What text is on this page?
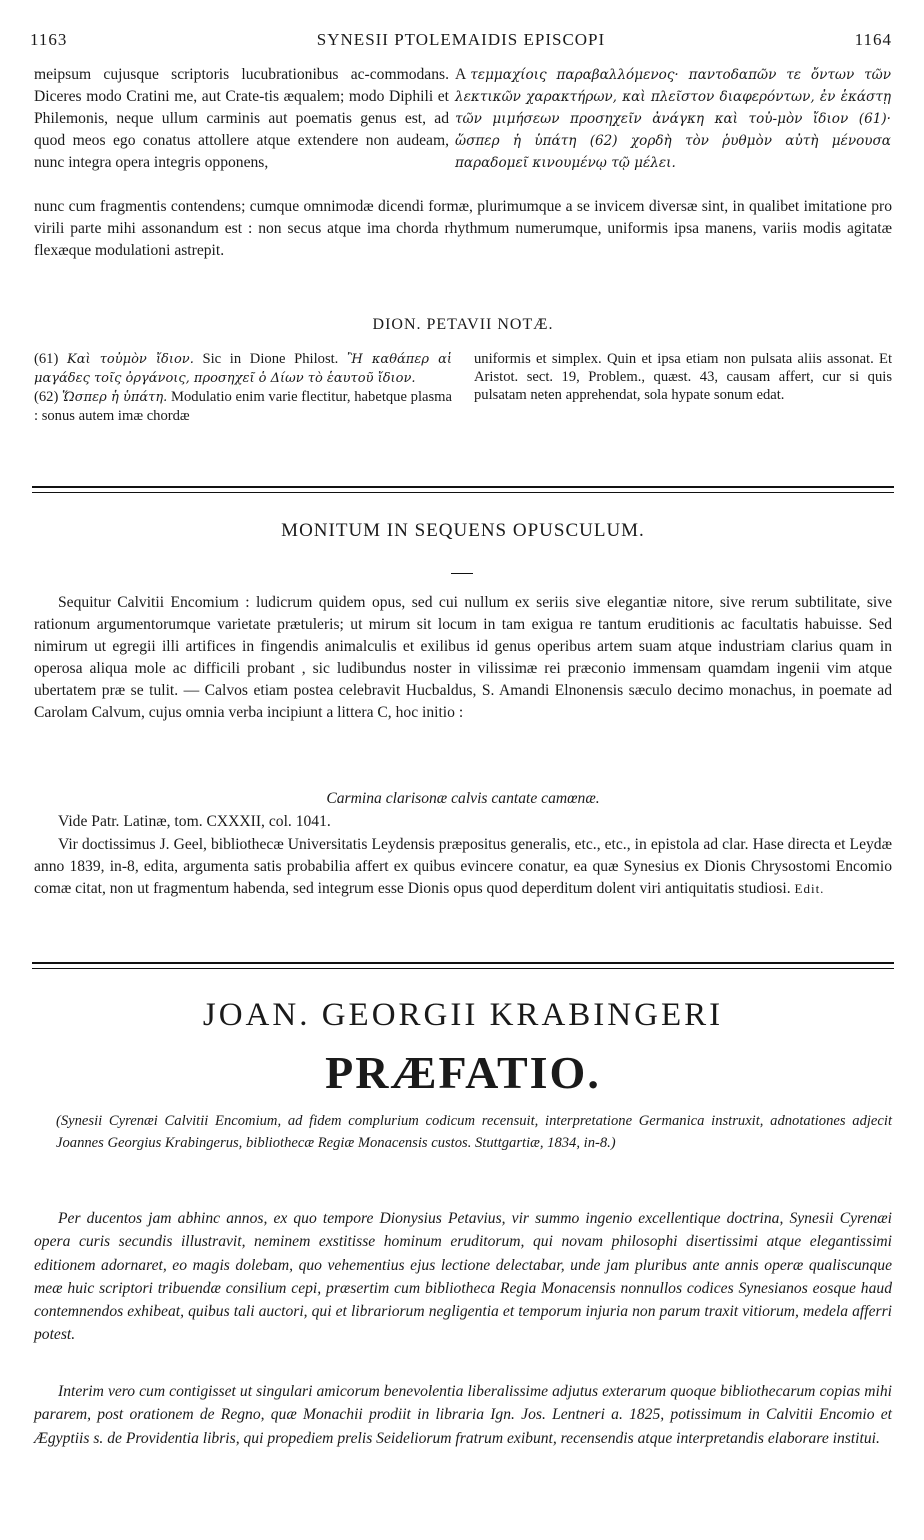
1163	SYNESII PTOLEMAIDIS EPISCOPI	1164

meipsum cujusque scriptoris lucubrationibus ac-commodans. Diceres modo Cratini me, aut Crate-tis æqualem; modo Diphili et Philemonis, neque ullum carminis aut poematis genus est, ad quod meos ego conatus attollere atque extendere non audeam, nunc integra opera integris opponens,

A τεμμαχίοις παραβαλλόμενος· παντοδαπῶν τε ὄντων τῶν λεκτικῶν χαρακτήρων, καὶ πλεῖστον διαφερόντων, ἐν ἑκάστῃ τῶν μιμήσεων προσηχεῖν ἀνάγκη καὶ τοὐ-μὸν ἴδιον (61)· ὥσπερ ἡ ὑπάτη (62) χορδὴ τὸν ῥυθμὸν αὐτὴ μένουσα παραδομεῖ κινουμένῳ τῷ μέλει.

nunc cum fragmentis contendens; cumque omnimodæ dicendi formæ, plurimumque a se invicem diversæ sint, in qualibet imitatione pro virili parte mihi assonandum est : non secus atque ima chorda rhythmum numerumque, uniformis ipsa manens, variis modis agitatæ flexæque modulationi astrepit.

DION. PETAVII NOTÆ.
(61) Καὶ τοὐμὸν ἴδιον. Sic in Dione Philost. Ἢ καθάπερ αἱ μαγάδες τοῖς ὀργάνοις, προσηχεῖ ὁ Δίων τὸ ἑαυτοῦ ἴδιον.
(62) Ὥσπερ ἡ ὑπάτη. Modulatio enim varie flectitur, habetque plasma : sonus autem imæ chordæ

uniformis et simplex. Quin et ipsa etiam non pulsata aliis assonat. Et Aristot. sect. 19, Problem., quæst. 43, causam affert, cur si quis pulsatam neten apprehendat, sola hypate sonum edat.

MONITUM IN SEQUENS OPUSCULUM.

Sequitur Calvitii Encomium : ludicrum quidem opus, sed cui nullum ex seriis sive elegantiæ nitore, sive rerum subtilitate, sive rationum argumentorumque varietate prætuleris; ut mirum sit locum in tam exigua re tantum eruditionis ac facultatis habuisse. Sed nimirum ut egregii illi artifices in fingendis animalculis et exilibus id genus operibus artem suam atque industriam clarius quam in operosa aliqua mole ac difficili probant , sic ludibundus noster in vilissimæ rei præconio immensam quamdam ingenii vim atque ubertatem præ se tulit. — Calvos etiam postea celebravit Hucbaldus, S. Amandi Elnonensis sæculo decimo monachus, in poemate ad Carolam Calvum, cujus omnia verba incipiunt a littera C, hoc initio :

Carmina clarisonæ calvis cantate camœnæ.

Vide Patr. Latinæ, tom. CXXXII, col. 1041.

Vir doctissimus J. Geel, bibliothecæ Universitatis Leydensis præpositus generalis, etc., etc., in epistola ad clar. Hase directa et Leydæ anno 1839, in-8, edita, argumenta satis probabilia affert ex quibus evincere conatur, ea quæ Synesius ex Dionis Chrysostomi Encomio comæ citat, non ut fragmentum habenda, sed integrum esse Dionis opus quod deperditum dolent viri antiquitatis studiosi. Edit.

JOAN. GEORGII KRABINGERI
PRÆFATIO.

(Synesii Cyrenæi Calvitii Encomium, ad fidem complurium codicum recensuit, interpretatione Germanica instruxit, adnotationes adjecit Joannes Georgius Krabingerus, bibliothecæ Regiæ Monacensis custos. Stuttgartiæ, 1834, in-8.)

Per ducentos jam abhinc annos, ex quo tempore Dionysius Petavius, vir summo ingenio excellentique doctrina, Synesii Cyrenæi opera curis secundis illustravit, neminem exstitisse hominum eruditorum, qui novam philosophi disertissimi atque elegantissimi editionem adornaret, eo magis dolebam, quo vehementius ejus lectione delectabar, unde jam pluribus ante annis operæ qualiscunque meæ huic scriptori tribuendæ consilium cepi, præsertim cum bibliotheca Regia Monacensis nonnullos codices Synesianos eosque haud contemnendos exhibeat, quibus tali auctori, qui et librariorum negligentia et temporum injuria non parum traxit vitiorum, medela afferri potest.

Interim vero cum contigisset ut singulari amicorum benevolentia liberalissime adjutus exterarum quoque bibliothecarum copias mihi pararem, post orationem de Regno, quæ Monachii prodiit in libraria Ign. Jos. Lentneri a. 1825, potissimum in Calvitii Encomio et Ægyptiis s. de Providentia libris, qui propediem prelis Seideliorum fratrum exibunt, recensendis atque interpretandis elaborare institui.
